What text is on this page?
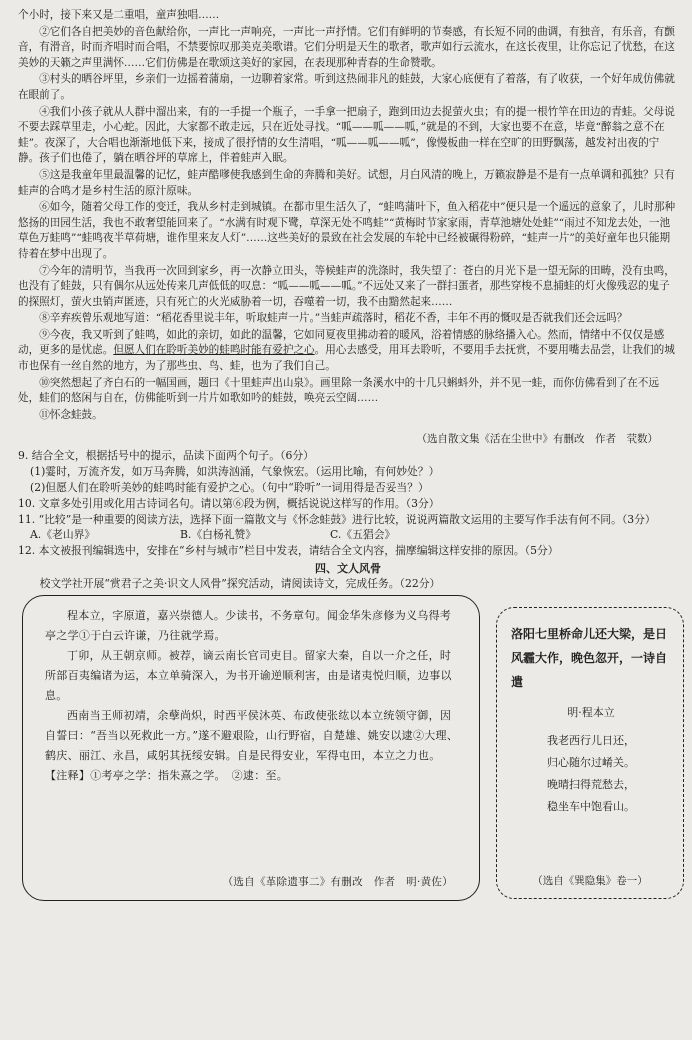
个小时，接下来又是二重唱，童声独唱……

②它们各自把美妙的音色献给你，一声比一声响亮，一声比一声抒情。它们有鲜明的节奏感，有长短不同的曲调，有独音，有乐音，有颤音，有滑音，时而齐唱时而合唱，不禁要惊叹那美克美歌谱。它们分明是天生的歌者，歌声如行云流水，在这长夜里，让你忘记了忧愁，在这美妙的天籁之声里满怀……它们仿佛是在歌颂这美好的家园，在表现那种青春的生命赞歌。

③村头的晒谷坪里，乡亲们一边摇着蒲扇，一边聊着家常。听到这热闹非凡的蛙鼓，大家心底便有了着落，有了收获，一个好年成仿佛就在眼前了。

④我们小孩子就从人群中溜出来，有的一手提一个瓶子，一手拿一把扇子，跑到田边去捉萤火虫；有的提一根竹竿在田边的青蛙。父母说不要去踩草里走，小心蛇。因此，大家都不敢走远，只在近处寻找。“呱——呱——呱，”就是的不到，大家也要不在意，毕竟“醉翁之意不在蛙”。夜深了，大合唱也渐渐地低下来，接成了很抒情的女生清唱，“呱——呱——呱”，像慢板曲一样在空旷的田野飘荡，越发衬出夜的宁静。孩子们也倦了，躺在晒谷坪的草席上，伴着蛙声入眠。

⑤这是我童年里最温馨的记忆，蛙声酷嗲使我感到生命的奔腾和美好。试想，月白风清的晚上，万籁寂静是不是有一点单调和孤独？只有蛙声的合鸣才是乡村生活的原汁原味。

⑥如今，随着父母工作的变迁，我从乡村走到城镇。在都市里生活久了，“蛙鸣蒲叶下，鱼入稻花中”便只是一个遥远的意象了，儿时那种悠扬的田园生活，我也不敢奢望能回来了。“水满有时观下鹭，草深无处不鸣蛙”“黄梅时节家家雨，青草池塘处处蛙”“雨过不知龙去处，一池草色万蛙鸣”“蛙鸣夜半草荷塘，谁作里来友人灯”……这些美好的景致在社会发展的车轮中已经被碾得粉碎，“蛙声一片”的美好童年也只能期待着在梦中出现了。

⑦今年的清明节，当我再一次回到家乡，再一次静立田头，等候蛙声的洗涤时，我失望了：苍白的月光下是一望无际的田畴，没有虫鸣，也没有了蛙鼓，只有偶尔从远处传来几声低低的叹息：“呱——呱——呱。”不远处又来了一群扫蛋者，那些穿梭不息捕蛙的灯火像残忍的鬼子的探照灯，萤火虫销声匿迹，只有死亡的火光威胁着一切，吞噬着一切，我不由黯然起来……

⑧辛弃疾曾乐观地写道：“稻花香里说丰年，听取蛙声一片。”当蛙声疏落时，稻花不香，丰年不再的慨叹是否就我们还会远吗？

⑨今夜，我又听到了蛙鸣，如此的亲切，如此的温馨，它如同夏夜里拂动着的暖风，浴着情感的脉络播入心。然而，情绪中不仅仅是感动，更多的是忧虑。但愿人们在聆听美妙的蛙鸣时能有爱护之心。用心去感受，用耳去聆听，不要用手去抚赏，不要用嘴去品尝，让我们的城市也保有一丝自然的地方，为了那些虫、鸟、蛙，也为了我们自己。

⑩突然想起了齐白石的一幅国画，题曰《十里蛙声出山泉》。画里除一条溪水中的十几只蝌蚪外，并不见一蛙，而你仿佛看到了在不远处，蛙们的悠闲与自在，仿佛能听到一片片如歌如吟的蛙鼓，唤亮云空阔……

⑪怀念蛙鼓。

（选自散文集《活在尘世中》有删改　作者　茕数）

9. 结合全文，根据括号中的提示，品读下面两个句子。（6分）

(1)霎时，万流齐发，如万马奔腾，如洪涛汹涌，气象恢宏。（运用比喻，有何妙处？）

(2)但愿人们在聆听美妙的蛙鸣时能有爱护之心。（句中“聆听”一词用得是否妥当？）

10. 文章多处引用或化用古诗词名句。请以第⑥段为例，概括说说这样写的作用。（3分）

11. “比较”是一种重要的阅读方法，选择下面一篇散文与《怀念蛙鼓》进行比较，说说两篇散文运用的主要写作手法有何不同。（3分）

A.《老山界》	B.《白杨礼赞》	C.《五猖会》

12. 本文被报刊编辑选中，安排在“乡村与城市”栏目中发表，请结合全文内容，揣摩编辑这样安排的原因。（5分）

四、文人风骨

校文学社开展“赏君子之美·识文人风骨”探究活动，请阅读诗文，完成任务。（22分）

程本立，字原道，嘉兴崇德人。少读书，不务章句。闻金华朱彦修为义乌得考亭之学①于白云许谦，乃往就学焉。

丁卯，从王朝京师。被荐，谪云南长官司吏目。留家大秦，自以一介之任，时所部百夷编诸为运，本立单骑深入，为书开谕逆顺利害，由是诸夷悦归顺，边事以息。

西南当王师初靖，余孽尚炽，时西平侯沐英、布政使张纮以本立统领守御，因自誓曰：“吾当以死救此一方。”遂不避艰险，山行野宿，自楚雄、姚安以逮②大理、鹤庆、丽江、永昌，咸躬其抚绥安辑。自是民得安业，军得屯田，本立之力也。

【注释】①考亭之学：指朱熹之学。　②逮：至。

（选自《革除遗事二》有删改　作者　明·黄佐）

洛阳七里桥命儿还大梁，是日风霾大作，晚色忽开，一诗自遣
明·程本立
我老西行儿日还，
归心随尔过崤关。
晚晴扫得荒愁去，
稳坐车中饱看山。
（选自《巽隐集》卷一）
